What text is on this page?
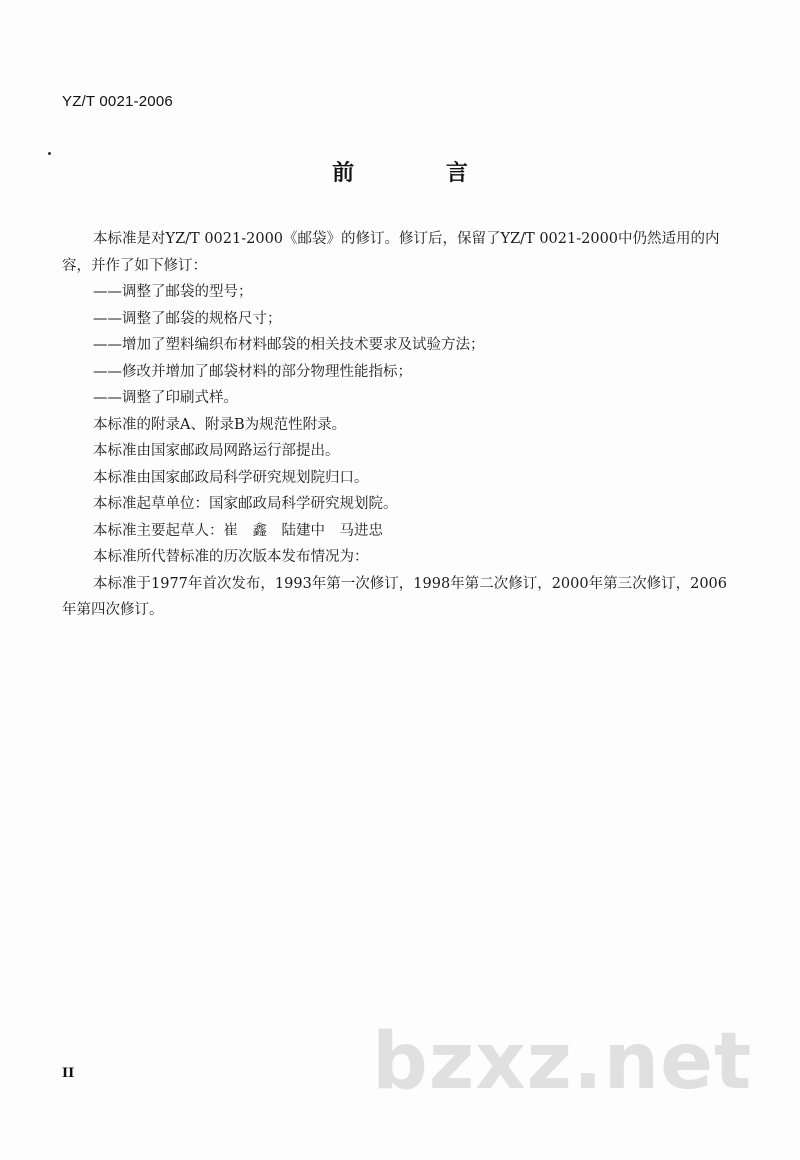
YZ/T 0021-2006
前 言

本标准是对YZ/T 0021-2000《邮袋》的修订。修订后，保留了YZ/T 0021-2000中仍然适用的内容，并作了如下修订：

——调整了邮袋的型号；

——调整了邮袋的规格尺寸；

——增加了塑料编织布材料邮袋的相关技术要求及试验方法；

——修改并增加了邮袋材料的部分物理性能指标；

——调整了印刷式样。

本标准的附录A、附录B为规范性附录。

本标准由国家邮政局网路运行部提出。

本标准由国家邮政局科学研究规划院归口。

本标准起草单位：国家邮政局科学研究规划院。

本标准主要起草人：崔　鑫　陆建中　马进忠

本标准所代替标准的历次版本发布情况为：

本标准于1977年首次发布，1993年第一次修订，1998年第二次修订，2000年第三次修订，2006年第四次修订。

II	bzxz.net
